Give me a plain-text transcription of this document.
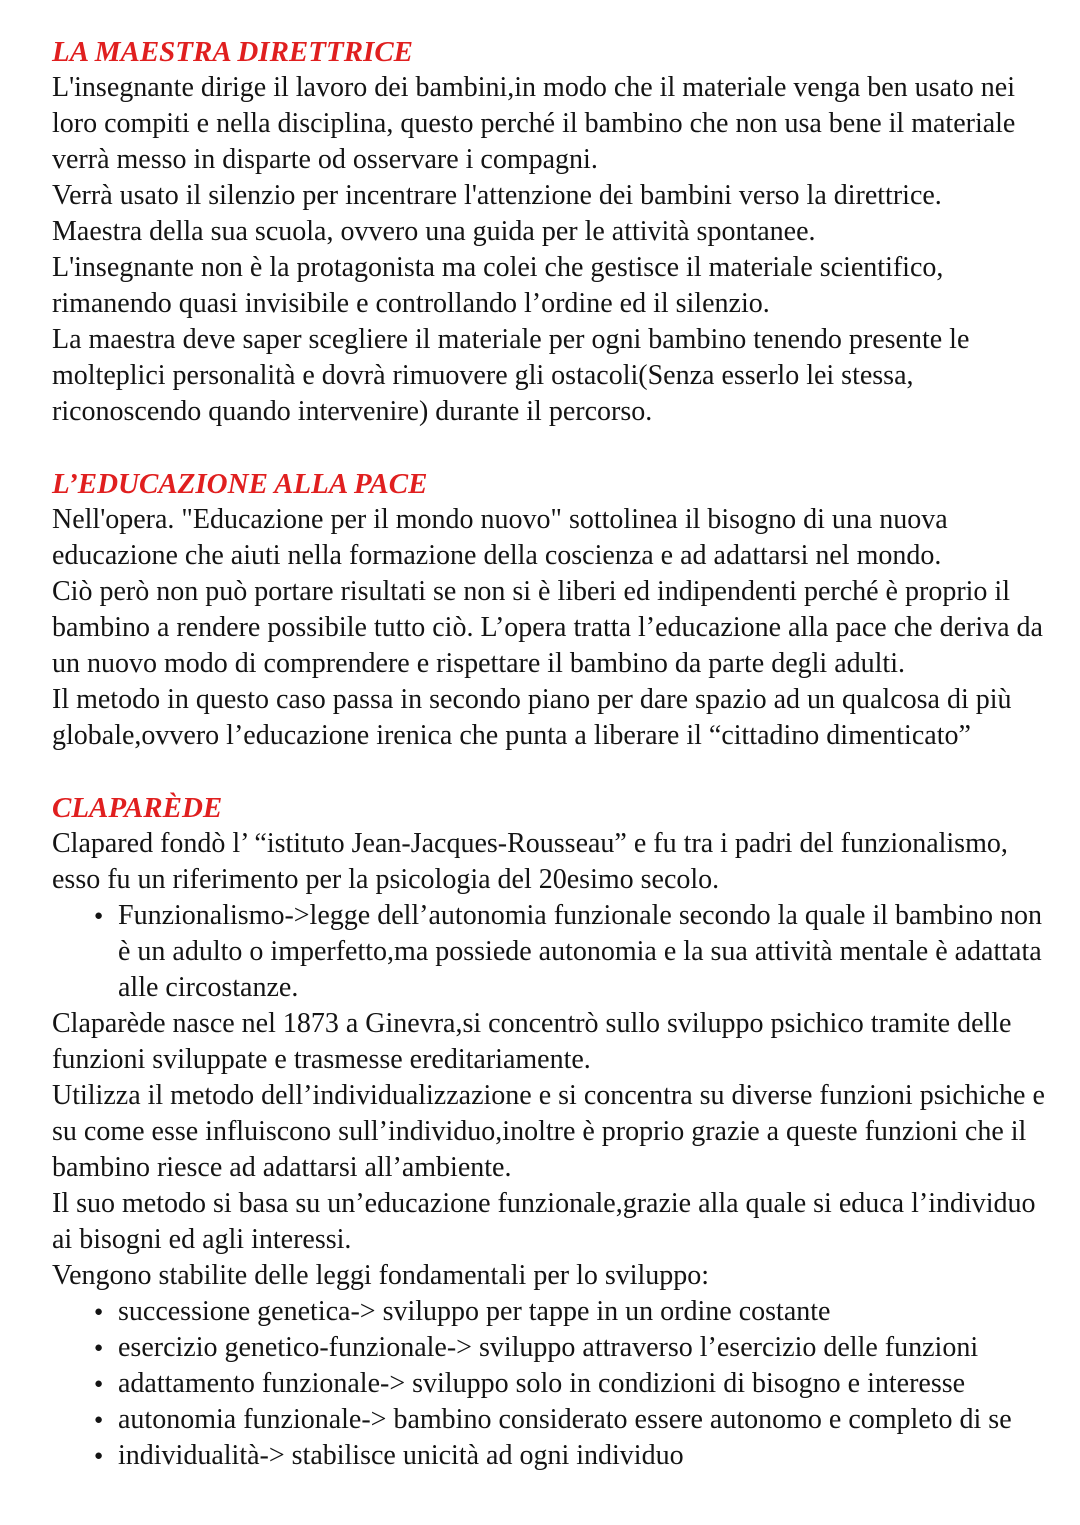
LA MAESTRA DIRETTRICE
L'insegnante dirige il lavoro dei bambini,in modo che il materiale venga ben usato nei
loro compiti e nella disciplina, questo perché il bambino che non usa bene il materiale
verrà messo in disparte od osservare i compagni.
Verrà usato il silenzio per incentrare l'attenzione dei bambini verso la direttrice.
Maestra della sua scuola, ovvero una guida per le attività spontanee.
L'insegnante non è la protagonista ma colei che gestisce il materiale scientifico,
rimanendo quasi invisibile e controllando l’ordine ed il silenzio.
La maestra deve saper scegliere il materiale per ogni bambino tenendo presente le
molteplici personalità e dovrà rimuovere gli ostacoli(Senza esserlo lei stessa,
riconoscendo quando intervenire) durante il percorso.
L’EDUCAZIONE ALLA PACE
Nell'opera. "Educazione per il mondo nuovo" sottolinea il bisogno di una nuova
educazione che aiuti nella formazione della coscienza e ad adattarsi nel mondo.
Ciò però non può portare risultati se non si è liberi ed indipendenti perché è proprio il
bambino a rendere possibile tutto ciò. L’opera tratta l’educazione alla pace che deriva da
un nuovo modo di comprendere e rispettare il bambino da parte degli adulti.
Il metodo in questo caso passa in secondo piano per dare spazio ad un qualcosa di più
globale,ovvero l’educazione irenica che punta a liberare il “cittadino dimenticato”
CLAPARÈDE
Clapared fondò l’ “istituto Jean-Jacques-Rousseau” e fu tra i padri del funzionalismo,
esso fu un riferimento per la psicologia del 20esimo secolo.
● Funzionalismo->legge dell’autonomia funzionale secondo la quale il bambino non
è un adulto o imperfetto,ma possiede autonomia e la sua attività mentale è adattata
alle circostanze.
Claparède nasce nel 1873 a Ginevra,si concentrò sullo sviluppo psichico tramite delle
funzioni sviluppate e trasmesse ereditariamente.
Utilizza il metodo dell’individualizzazione e si concentra su diverse funzioni psichiche e
su come esse influiscono sull’individuo,inoltre è proprio grazie a queste funzioni che il
bambino riesce ad adattarsi all’ambiente.
Il suo metodo si basa su un’educazione funzionale,grazie alla quale si educa l’individuo
ai bisogni ed agli interessi.
Vengono stabilite delle leggi fondamentali per lo sviluppo:
● successione genetica-> sviluppo per tappe in un ordine costante
● esercizio genetico-funzionale-> sviluppo attraverso l’esercizio delle funzioni
● adattamento funzionale-> sviluppo solo in condizioni di bisogno e interesse
● autonomia funzionale-> bambino considerato essere autonomo e completo di se
● individualità-> stabilisce unicità ad ogni individuo
